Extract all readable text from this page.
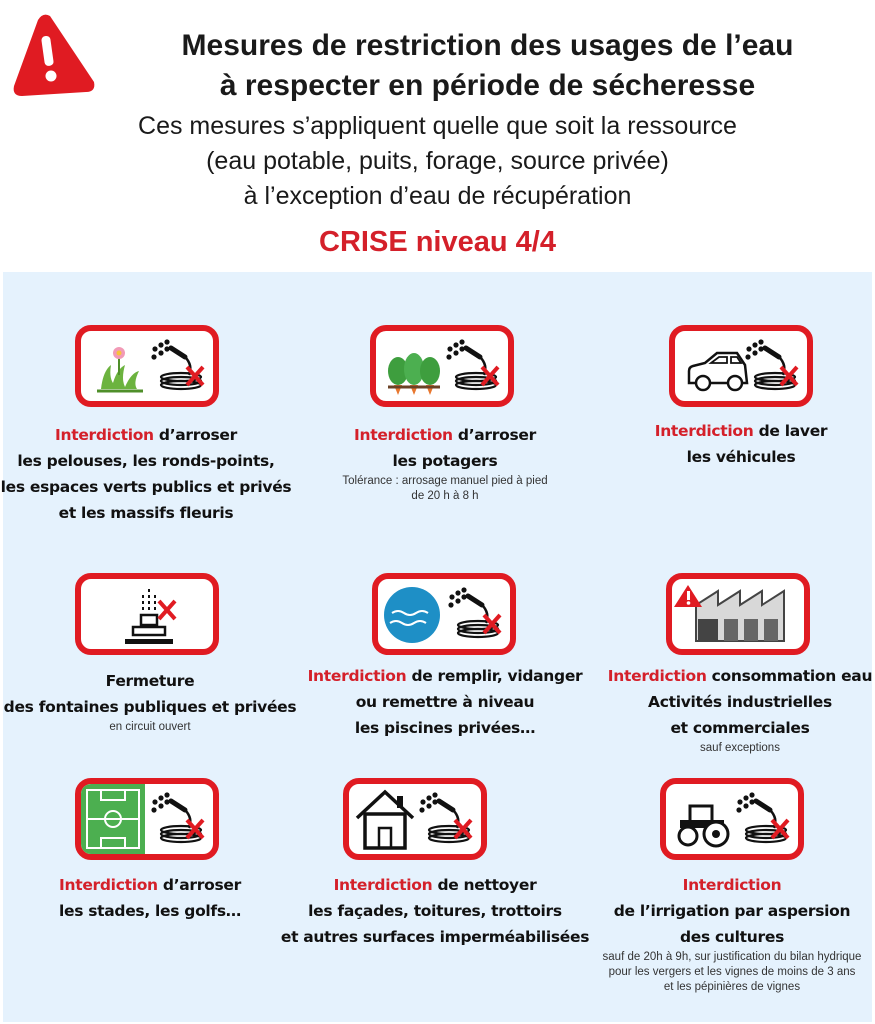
Mesures de restriction des usages de l’eau
à respecter en période de sécheresse
Ces mesures s’appliquent quelle que soit la ressource
(eau potable, puits, forage, source privée)
à l’exception d’eau de récupération
CRISE niveau 4/4
Interdiction d’arroser
les pelouses, les ronds-points,
les espaces verts publics et privés
et les massifs fleuris
Interdiction d’arroser
les potagers
Tolérance : arrosage manuel pied à pied
de 20 h à 8 h
Interdiction de laver
les véhicules
Fermeture
des fontaines publiques et privées
en circuit ouvert
Interdiction de remplir, vidanger
ou remettre à niveau
les piscines privées…
Interdiction consommation eau
Activités industrielles
et commerciales
sauf exceptions
Interdiction d’arroser
les stades, les golfs…
Interdiction de nettoyer
les façades, toitures, trottoirs
et autres surfaces imperméabilisées
Interdiction
de l’irrigation par aspersion
des cultures
sauf de 20h à 9h, sur justification du bilan hydrique
pour les vergers et les vignes de moins de 3 ans
et les pépinières de vignes
